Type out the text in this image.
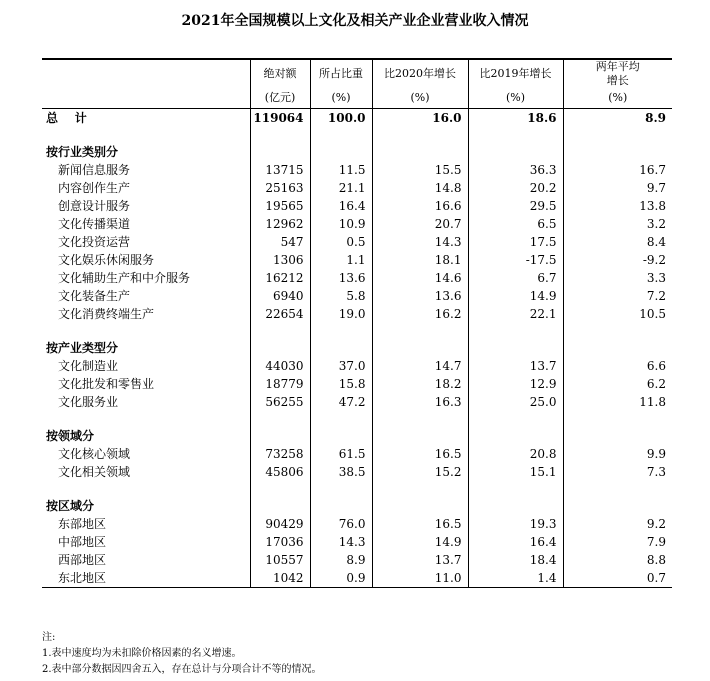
2021年全国规模以上文化及相关产业企业营业收入情况
	绝对额	所占比重	比2020年增长	比2019年增长	两年平均
增长

	(亿元)	(%)	(%)	(%)	(%)
总    计	119064	100.0	16.0	18.6	8.9

按行业类别分					
新闻信息服务	13715	11.5	15.5	36.3	16.7
内容创作生产	25163	21.1	14.8	20.2	9.7
创意设计服务	19565	16.4	16.6	29.5	13.8
文化传播渠道	12962	10.9	20.7	6.5	3.2
文化投资运营	547	0.5	14.3	17.5	8.4
文化娱乐休闲服务	1306	1.1	18.1	-17.5	-9.2
文化辅助生产和中介服务	16212	13.6	14.6	6.7	3.3
文化装备生产	6940	5.8	13.6	14.9	7.2
文化消费终端生产	22654	19.0	16.2	22.1	10.5

按产业类型分					
文化制造业	44030	37.0	14.7	13.7	6.6
文化批发和零售业	18779	15.8	18.2	12.9	6.2
文化服务业	56255	47.2	16.3	25.0	11.8

按领域分					
文化核心领域	73258	61.5	16.5	20.8	9.9
文化相关领域	45806	38.5	15.2	15.1	7.3

按区域分					
东部地区	90429	76.0	16.5	19.3	9.2
中部地区	17036	14.3	14.9	16.4	7.9
西部地区	10557	8.9	13.7	18.4	8.8
东北地区	1042	0.9	11.0	1.4	0.7
注:
1.表中速度均为未扣除价格因素的名义增速。
2.表中部分数据因四舍五入，存在总计与分项合计不等的情况。
